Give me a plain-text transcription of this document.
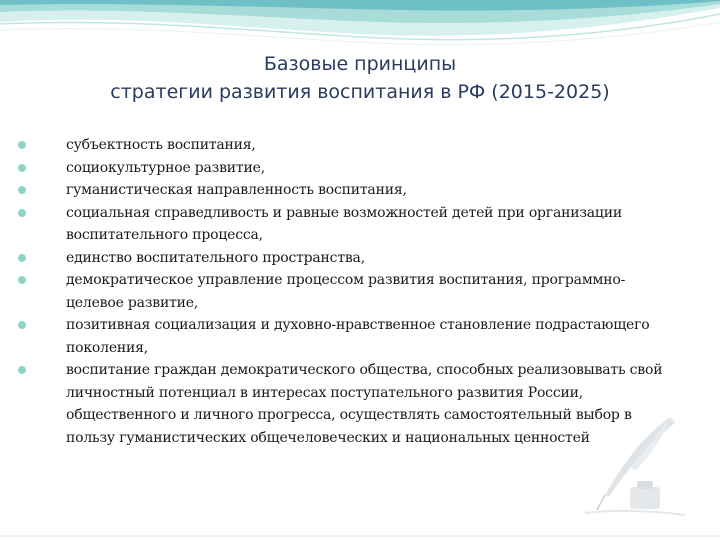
Базовые принципы
стратегии развития воспитания в РФ (2015-2025)
субъектность воспитания,
социокультурное развитие,
гуманистическая направленность воспитания,
социальная справедливость и равные возможностей детей при организации воспитательного процесса,
единство воспитательного пространства,
демократическое управление процессом развития воспитания, программно-целевое развитие,
позитивная социализация и духовно-нравственное становление подрастающего поколения,
воспитание граждан демократического общества, способных реализовывать свой личностный потенциал в интересах поступательного развития России, общественного и личного прогресса, осуществлять самостоятельный выбор в пользу гуманистических общечеловеческих и национальных ценностей
